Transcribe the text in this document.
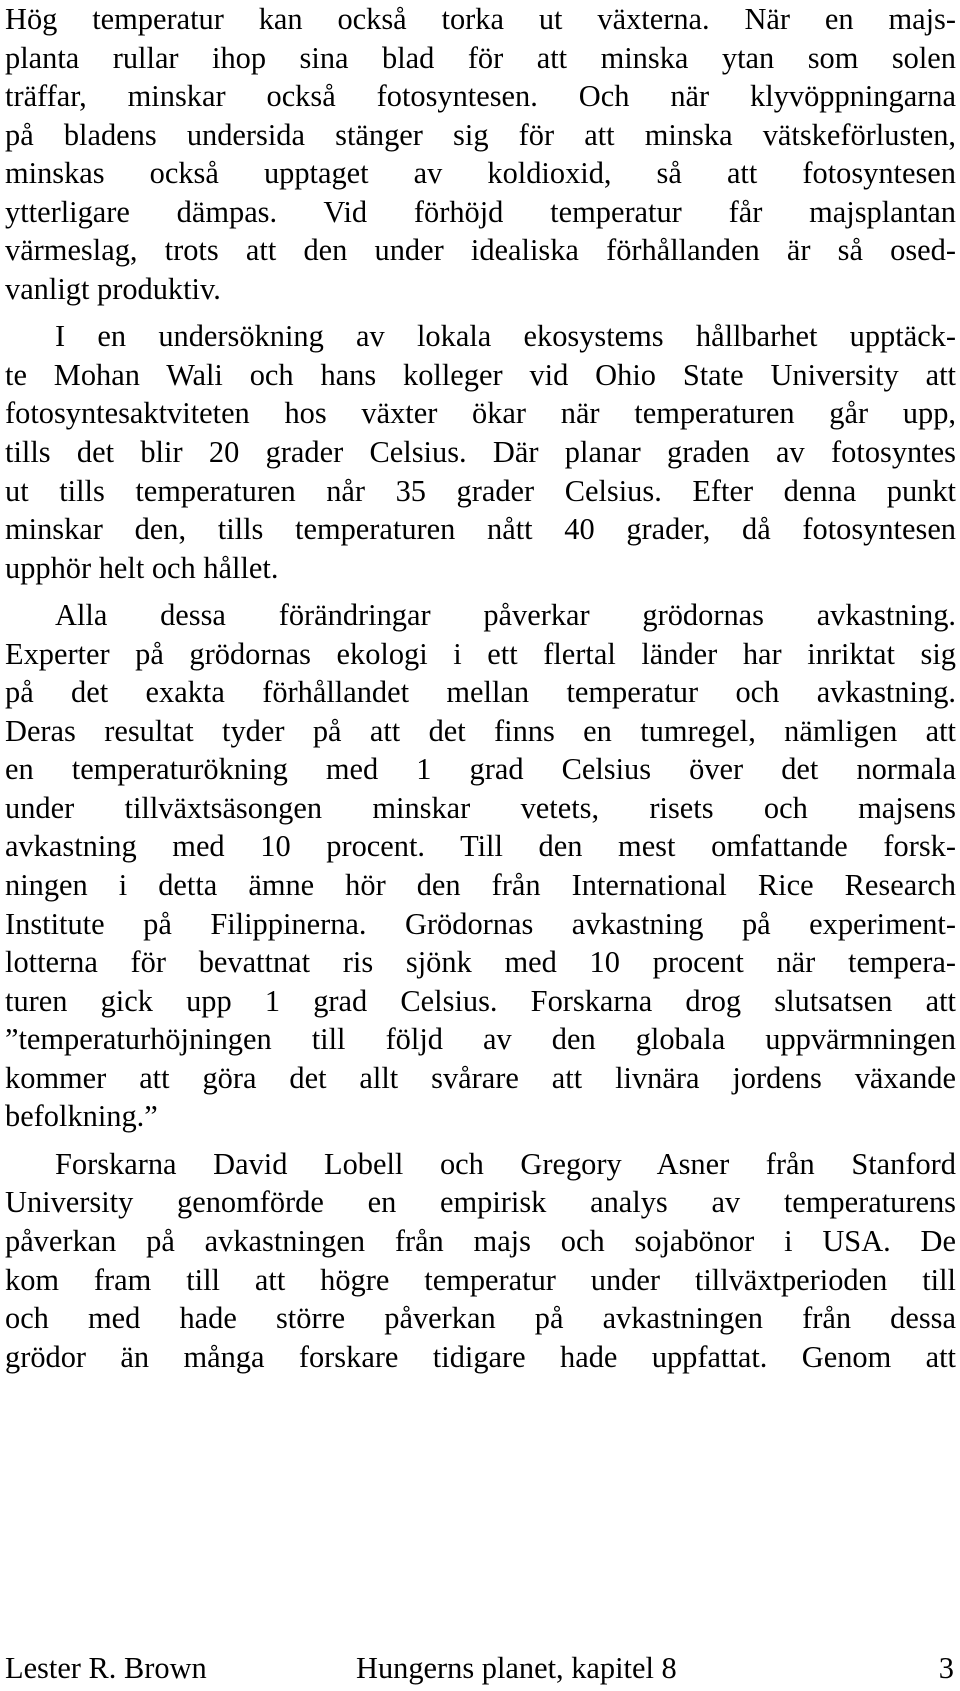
Hög temperatur kan också torka ut växterna. När en majs-
planta rullar ihop sina blad för att minska ytan som solen
träffar, minskar också fotosyntesen. Och när klyvöppningarna
på bladens undersida stänger sig för att minska vätskeförlusten,
minskas också upptaget av koldioxid, så att fotosyntesen
ytterligare dämpas. Vid förhöjd temperatur får majsplantan
värmeslag, trots att den under idealiska förhållanden är så osed-
vanligt produktiv.
I en undersökning av lokala ekosystems hållbarhet upptäck-
te Mohan Wali och hans kolleger vid Ohio State University att
fotosyntesaktviteten hos växter ökar när temperaturen går upp,
tills det blir 20 grader Celsius. Där planar graden av fotosyntes
ut tills temperaturen når 35 grader Celsius. Efter denna punkt
minskar den, tills temperaturen nått 40 grader, då fotosyntesen
upphör helt och hållet.
Alla dessa förändringar påverkar grödornas avkastning.
Experter på grödornas ekologi i ett flertal länder har inriktat sig
på det exakta förhållandet mellan temperatur och avkastning.
Deras resultat tyder på att det finns en tumregel, nämligen att
en temperaturökning med 1 grad Celsius över det normala
under tillväxtsäsongen minskar vetets, risets och majsens
avkastning med 10 procent. Till den mest omfattande forsk-
ningen i detta ämne hör den från International Rice Research
Institute på Filippinerna. Grödornas avkastning på experiment-
lotterna för bevattnat ris sjönk med 10 procent när tempera-
turen gick upp 1 grad Celsius. Forskarna drog slutsatsen att
”temperaturhöjningen till följd av den globala uppvärmningen
kommer att göra det allt svårare att livnära jordens växande
befolkning.”
Forskarna David Lobell och Gregory Asner från Stanford
University genomförde en empirisk analys av temperaturens
påverkan på avkastningen från majs och sojabönor i USA. De
kom fram till att högre temperatur under tillväxtperioden till
och med hade större påverkan på avkastningen från dessa
grödor än många forskare tidigare hade uppfattat. Genom att
Lester R. Brown	Hungerns planet, kapitel 8	3
